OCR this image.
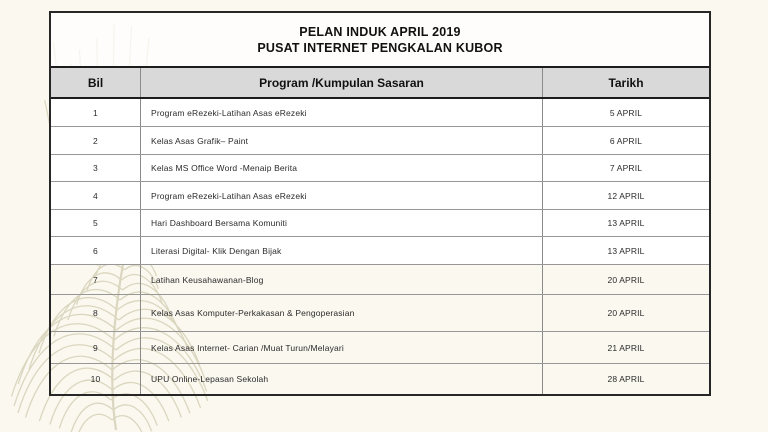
PELAN INDUK APRIL 2019
PUSAT INTERNET PENGKALAN KUBOR
Bil	Program /Kumpulan Sasaran	Tarikh
1	Program eRezeki-Latihan Asas eRezeki	5 APRIL
2	Kelas Asas Grafik– Paint	6 APRIL
3	Kelas MS Office Word -Menaip Berita	7 APRIL
4	Program eRezeki-Latihan Asas eRezeki	12 APRIL
5	Hari Dashboard Bersama Komuniti	13 APRIL
6	Literasi Digital- Klik Dengan Bijak	13 APRIL
7	Latihan Keusahawanan-Blog	20 APRIL
8	Kelas Asas Komputer-Perkakasan & Pengoperasian	20 APRIL
9	Kelas Asas Internet- Carian /Muat Turun/Melayari	21 APRIL
10	UPU Online-Lepasan Sekolah	28 APRIL
